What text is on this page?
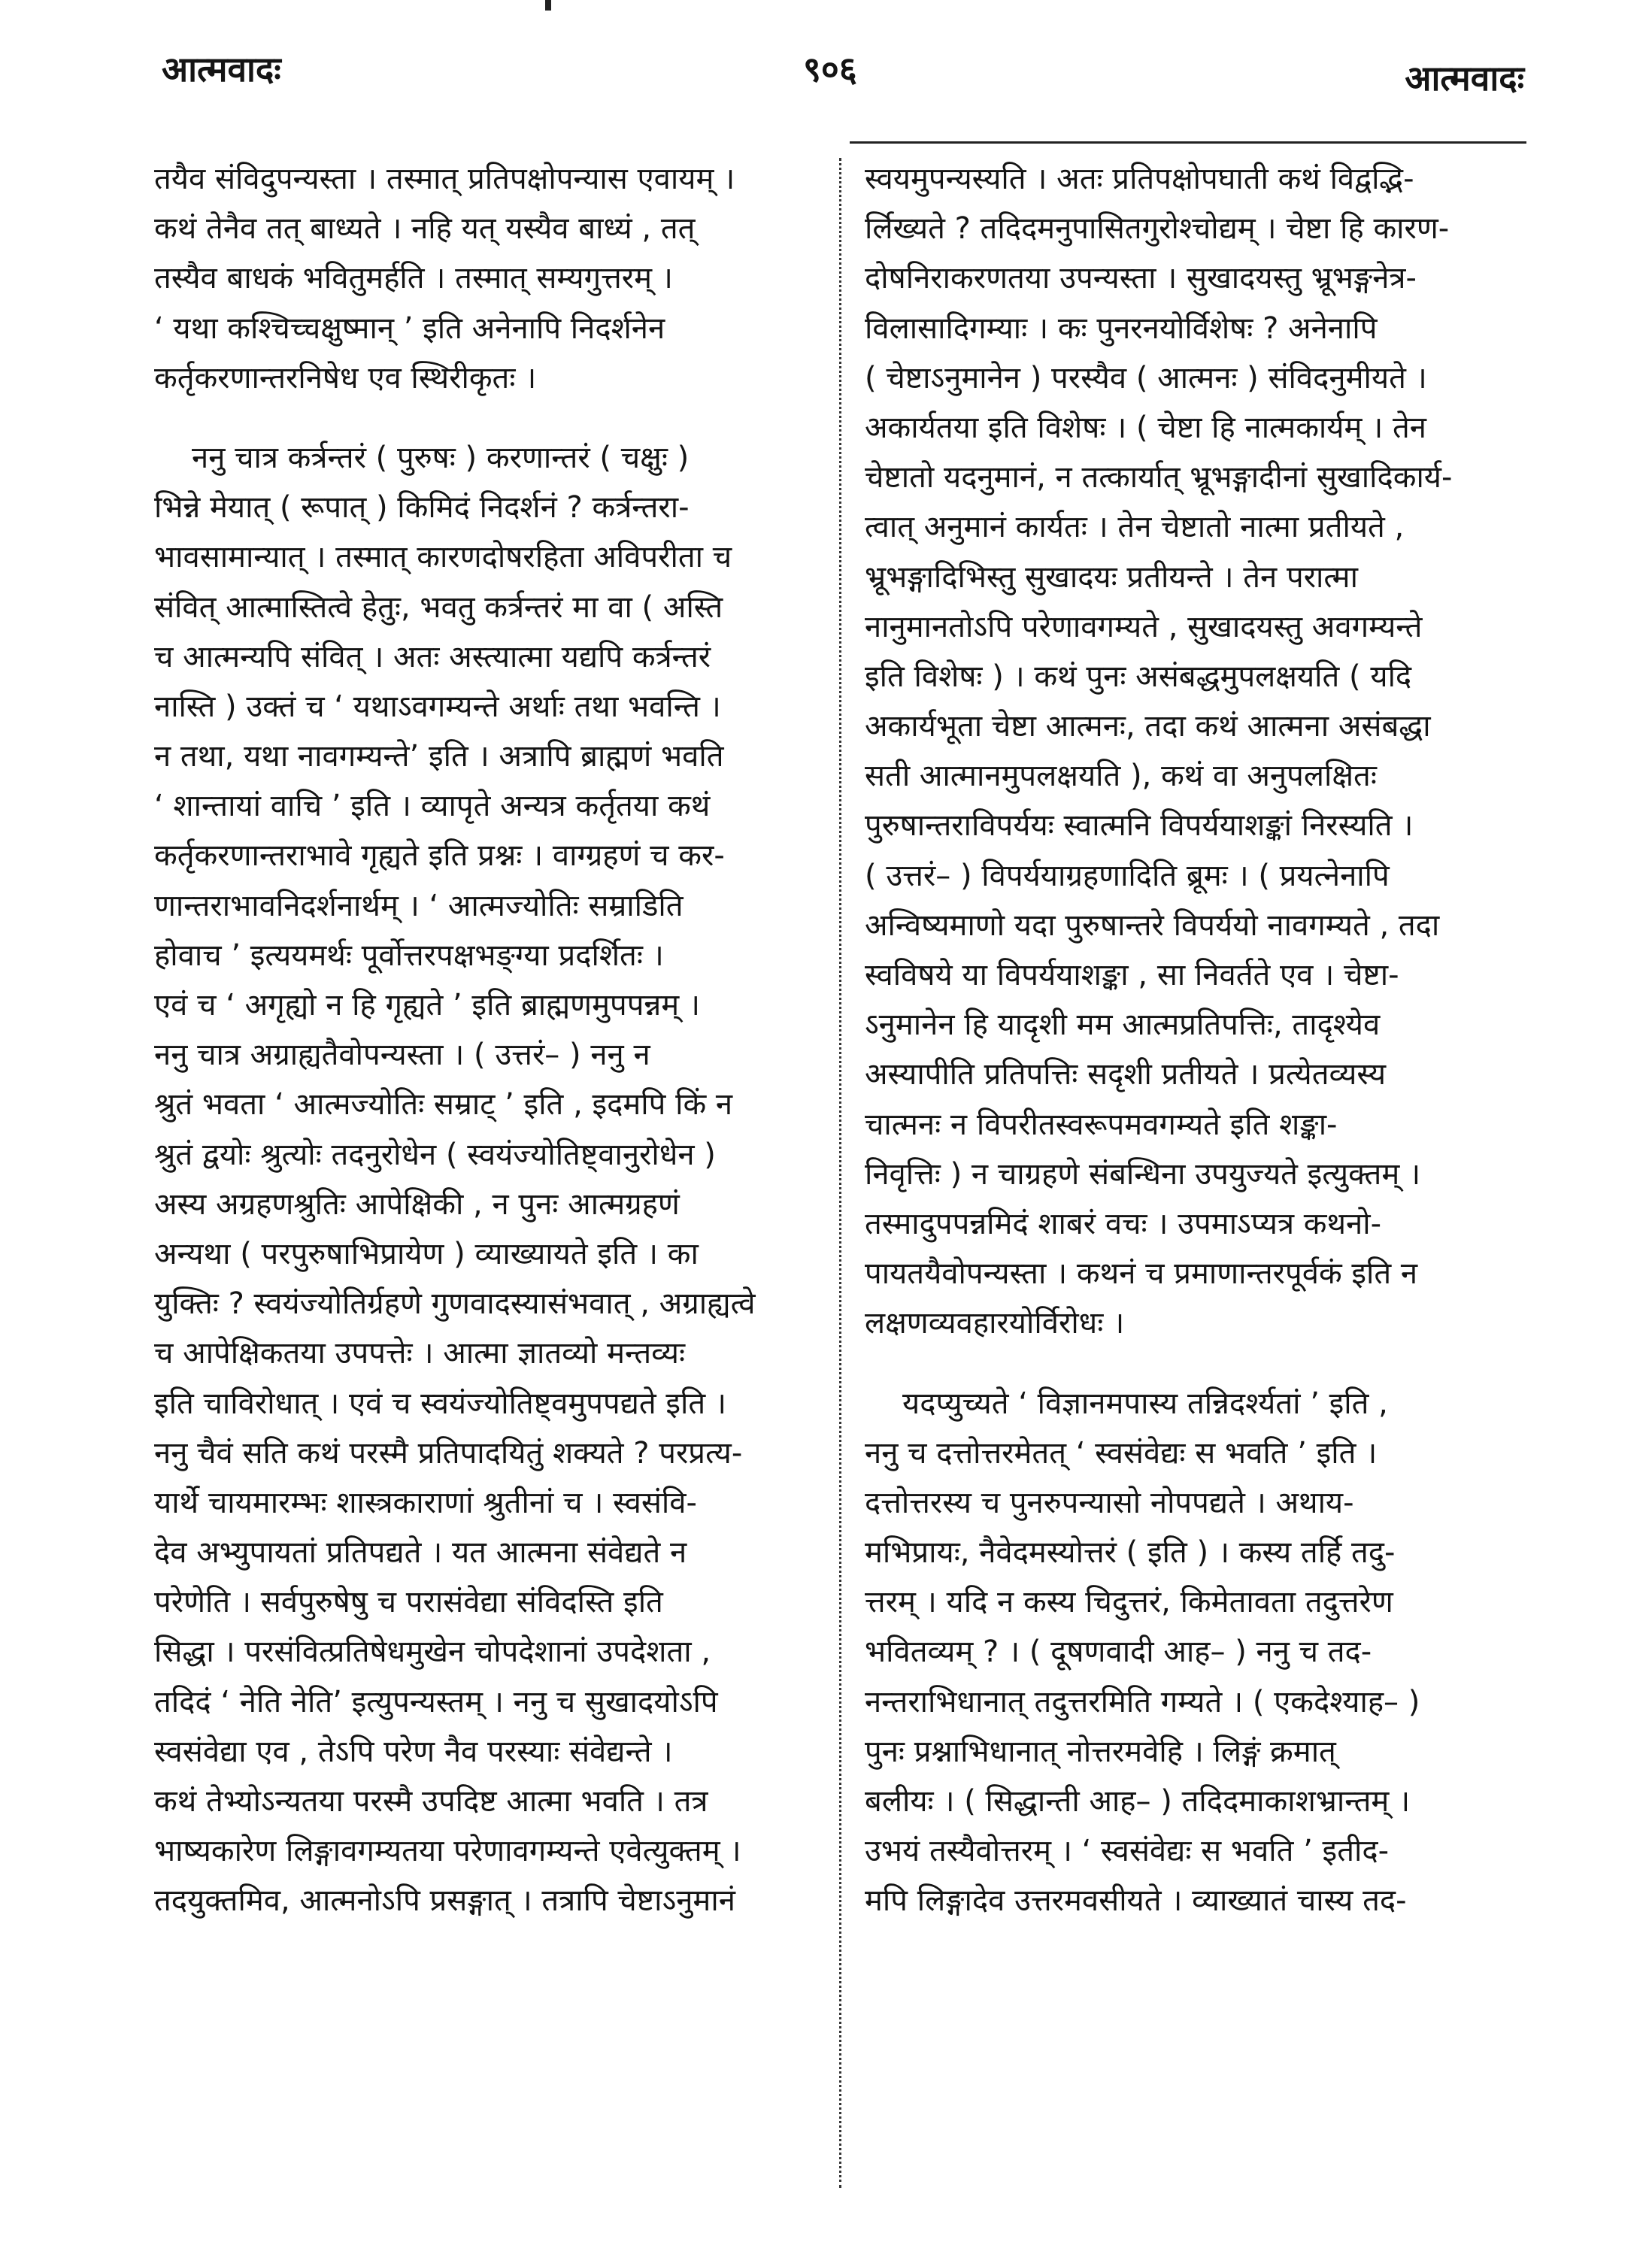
आत्मवादः	९०६	आत्मवादः
तयैव संविदुपन्यस्ता । तस्मात् प्रतिपक्षोपन्यास एवायम् ।
कथं तेनैव तत् बाध्यते । नहि यत् यस्यैव बाध्यं , तत्
तस्यैव बाधकं भवितुमर्हति । तस्मात् सम्यगुत्तरम् ।
‘ यथा कश्चिच्चक्षुष्मान् ’ इति अनेनापि निदर्शनेन
कर्तृकरणान्तरनिषेध एव स्थिरीकृतः ।
ननु चात्र कर्त्रन्तरं ( पुरुषः ) करणान्तरं ( चक्षुः )
भिन्ने मेयात् ( रूपात् ) किमिदं निदर्शनं ? कर्त्रन्तरा-
भावसामान्यात् । तस्मात् कारणदोषरहिता अविपरीता च
संवित् आत्मास्तित्वे हेतुः, भवतु कर्त्रन्तरं मा वा ( अस्ति
च आत्मन्यपि संवित् । अतः अस्त्यात्मा यद्यपि कर्त्रन्तरं
नास्ति ) उक्तं च ‘ यथाऽवगम्यन्ते अर्थाः तथा भवन्ति ।
न तथा, यथा नावगम्यन्ते’ इति । अत्रापि ब्राह्मणं भवति
‘ शान्तायां वाचि ’ इति । व्यापृते अन्यत्र कर्तृतया कथं
कर्तृकरणान्तराभावे गृह्यते इति प्रश्नः । वाग्ग्रहणं च कर-
णान्तराभावनिदर्शनार्थम् । ‘ आत्मज्योतिः सम्राडिति
होवाच ’ इत्ययमर्थः पूर्वोत्तरपक्षभङ्ग्या प्रदर्शितः ।
एवं च ‘ अगृह्यो न हि गृह्यते ’ इति ब्राह्मणमुपपन्नम् ।
ननु चात्र अग्राह्यतैवोपन्यस्ता । ( उत्तरं– ) ननु न
श्रुतं भवता ‘ आत्मज्योतिः सम्राट् ’ इति , इदमपि किं न
श्रुतं द्वयोः श्रुत्योः तदनुरोधेन ( स्वयंज्योतिष्ट्वानुरोधेन )
अस्य अग्रहणश्रुतिः आपेक्षिकी , न पुनः आत्मग्रहणं
अन्यथा ( परपुरुषाभिप्रायेण ) व्याख्यायते इति । का
युक्तिः ? स्वयंज्योतिर्ग्रहणे गुणवादस्यासंभवात् , अग्राह्यत्वे
च आपेक्षिकतया उपपत्तेः । आत्मा ज्ञातव्यो मन्तव्यः
इति चाविरोधात् । एवं च स्वयंज्योतिष्ट्वमुपपद्यते इति ।
ननु चैवं सति कथं परस्मै प्रतिपादयितुं शक्यते ? परप्रत्य-
यार्थे चायमारम्भः शास्त्रकाराणां श्रुतीनां च । स्वसंवि-
देव अभ्युपायतां प्रतिपद्यते । यत आत्मना संवेद्यते न
परेणेति । सर्वपुरुषेषु च परासंवेद्या संविदस्ति इति
सिद्धा । परसंवित्प्रतिषेधमुखेन चोपदेशानां उपदेशता ,
तदिदं ‘ नेति नेति’ इत्युपन्यस्तम् । ननु च सुखादयोऽपि
स्वसंवेद्या एव , तेऽपि परेण नैव परस्याः संवेद्यन्ते ।
कथं तेभ्योऽन्यतया परस्मै उपदिष्ट आत्मा भवति । तत्र
भाष्यकारेण लिङ्गावगम्यतया परेणावगम्यन्ते एवेत्युक्तम् ।
तदयुक्तमिव, आत्मनोऽपि प्रसङ्गात् । तत्रापि चेष्टाऽनुमानं
स्वयमुपन्यस्यति । अतः प्रतिपक्षोपघाती कथं विद्वद्भि-
र्लिख्यते ? तदिदमनुपासितगुरोश्चोद्यम् । चेष्टा हि कारण-
दोषनिराकरणतया उपन्यस्ता । सुखादयस्तु भ्रूभङ्गनेत्र-
विलासादिगम्याः । कः पुनरनयोर्विशेषः ? अनेनापि
( चेष्टाऽनुमानेन ) परस्यैव ( आत्मनः ) संविदनुमीयते ।
अकार्यतया इति विशेषः । ( चेष्टा हि नात्मकार्यम् । तेन
चेष्टातो यदनुमानं, न तत्कार्यात् भ्रूभङ्गादीनां सुखादिकार्य-
त्वात् अनुमानं कार्यतः । तेन चेष्टातो नात्मा प्रतीयते ,
भ्रूभङ्गादिभिस्तु सुखादयः प्रतीयन्ते । तेन परात्मा
नानुमानतोऽपि परेणावगम्यते , सुखादयस्तु अवगम्यन्ते
इति विशेषः ) । कथं पुनः असंबद्धमुपलक्षयति ( यदि
अकार्यभूता चेष्टा आत्मनः, तदा कथं आत्मना असंबद्धा
सती आत्मानमुपलक्षयति ), कथं वा अनुपलक्षितः
पुरुषान्तराविपर्ययः स्वात्मनि विपर्ययाशङ्कां निरस्यति ।
( उत्तरं– ) विपर्ययाग्रहणादिति ब्रूमः । ( प्रयत्नेनापि
अन्विष्यमाणो यदा पुरुषान्तरे विपर्ययो नावगम्यते , तदा
स्वविषये या विपर्ययाशङ्का , सा निवर्तते एव । चेष्टा-
ऽनुमानेन हि यादृशी मम आत्मप्रतिपत्तिः, तादृश्येव
अस्यापीति प्रतिपत्तिः सदृशी प्रतीयते । प्रत्येतव्यस्य
चात्मनः न विपरीतस्वरूपमवगम्यते इति शङ्का-
निवृत्तिः ) न चाग्रहणे संबन्धिना उपयुज्यते इत्युक्तम् ।
तस्मादुपपन्नमिदं शाबरं वचः । उपमाऽप्यत्र कथनो-
पायतयैवोपन्यस्ता । कथनं च प्रमाणान्तरपूर्वकं इति न
लक्षणव्यवहारयोर्विरोधः ।
यदप्युच्यते ‘ विज्ञानमपास्य तन्निदर्श्यतां ’ इति ,
ननु च दत्तोत्तरमेतत् ‘ स्वसंवेद्यः स भवति ’ इति ।
दत्तोत्तरस्य च पुनरुपन्यासो नोपपद्यते । अथाय-
मभिप्रायः, नैवेदमस्योत्तरं ( इति ) । कस्य तर्हि तदु-
त्तरम् । यदि न कस्य चिदुत्तरं, किमेतावता तदुत्तरेण
भवितव्यम् ? । ( दूषणवादी आह– ) ननु च तद-
नन्तराभिधानात् तदुत्तरमिति गम्यते । ( एकदेश्याह– )
पुनः प्रश्नाभिधानात् नोत्तरमवेहि । लिङ्गं क्रमात्
बलीयः । ( सिद्धान्ती आह– ) तदिदमाकाशभ्रान्तम् ।
उभयं तस्यैवोत्तरम् । ‘ स्वसंवेद्यः स भवति ’ इतीद-
मपि लिङ्गादेव उत्तरमवसीयते । व्याख्यातं चास्य तद-
